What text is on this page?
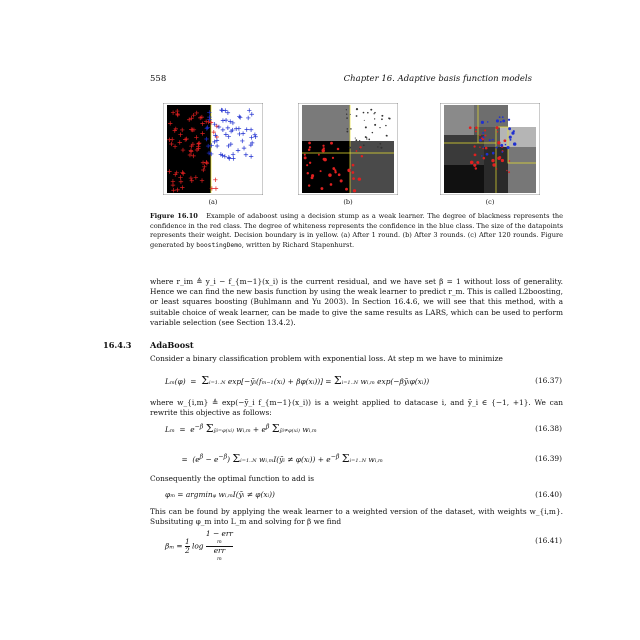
558	Chapter 16. Adaptive basis function models
(a)	(b)	(c)
Figure 16.10 Example of adaboost using a decision stump as a weak learner. The degree of blackness represents the confidence in the red class. The degree of whiteness represents the confidence in the blue class. The size of the datapoints represents their weight. Decision boundary is in yellow. (a) After 1 round. (b) After 3 rounds. (c) After 120 rounds. Figure generated by boostingDemo, written by Richard Stapenhurst.
where r_im ≜ y_i − f_{m−1}(x_i) is the current residual, and we have set β = 1 without loss of generality. Hence we can find the new basis function by using the weak learner to predict r_m. This is called L2boosting, or least squares boosting (Buhlmann and Yu 2003). In Section 16.4.6, we will see that this method, with a suitable choice of weak learner, can be made to give the same results as LARS, which can be used to perform variable selection (see Section 13.4.2).
16.4.3 AdaBoost
Consider a binary classification problem with exponential loss. At step m we have to minimize
Lm(φ)  =  Σi=1..N exp[−ỹi(fm−1(xi) + βφ(xi))] = Σi=1..N wi,m exp(−βỹiφ(xi))	(16.37)
where w_{i,m} ≜ exp(−ỹ_i f_{m−1}(x_i)) is a weight applied to datacase i, and ỹ_i ∈ {−1, +1}. We can rewrite this objective as follows:
$Lm = e^{-\beta}$ Σỹi=φ(xi) $wi,m + e^\beta$ Σỹi≠φ(xi) wi,m	(16.38)
=  $(e^\beta - e^{-\beta})$ Σi=1..N wi,mI(ỹi ≠ $\varphi(xi)) + e^{-\beta}$ Σi=1..N wi,m	(16.39)
Consequently the optimal function to add is
φm = argminφ wi,mI(ỹi ≠ φ(xi))	(16.40)
This can be found by applying the weak learner to a weighted version of the dataset, with weights w_{i,m}. Subsituting φ_m into L_m and solving for β we find
$\beta m = \frac{1}{2}$ log 1 − err
m
err
m	(16.41)
